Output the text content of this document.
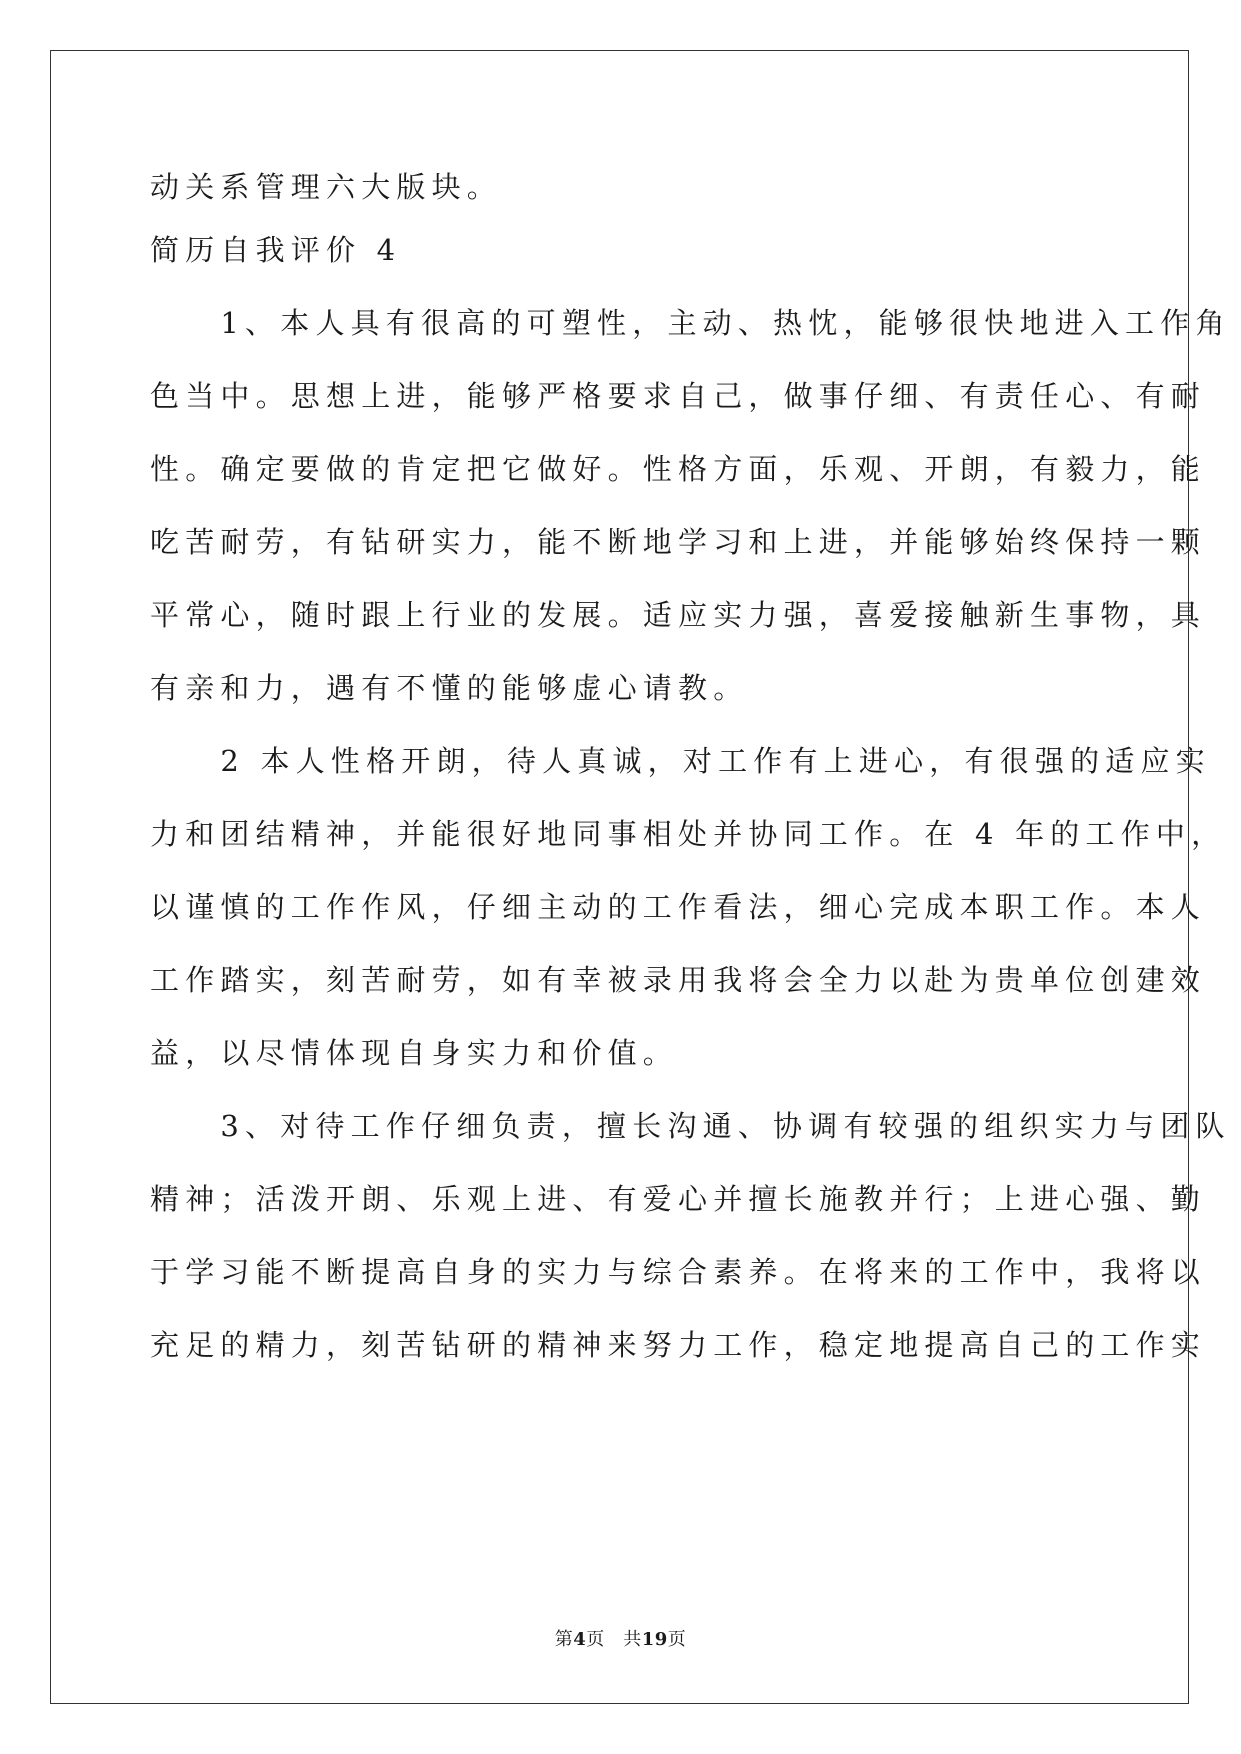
动关系管理六大版块。
简历自我评价 4
　　1、本人具有很高的可塑性，主动、热忱，能够很快地进入工作角
色当中。思想上进，能够严格要求自己，做事仔细、有责任心、有耐
性。确定要做的肯定把它做好。性格方面，乐观、开朗，有毅力，能
吃苦耐劳，有钻研实力，能不断地学习和上进，并能够始终保持一颗
平常心，随时跟上行业的发展。适应实力强，喜爱接触新生事物，具
有亲和力，遇有不懂的能够虚心请教。
　　2 本人性格开朗，待人真诚，对工作有上进心，有很强的适应实
力和团结精神，并能很好地同事相处并协同工作。在 4 年的工作中，
以谨慎的工作作风，仔细主动的工作看法，细心完成本职工作。本人
工作踏实，刻苦耐劳，如有幸被录用我将会全力以赴为贵单位创建效
益，以尽情体现自身实力和价值。
　　3、对待工作仔细负责，擅长沟通、协调有较强的组织实力与团队
精神；活泼开朗、乐观上进、有爱心并擅长施教并行；上进心强、勤
于学习能不断提高自身的实力与综合素养。在将来的工作中，我将以
充足的精力，刻苦钻研的精神来努力工作，稳定地提高自己的工作实
第4页　共19页
